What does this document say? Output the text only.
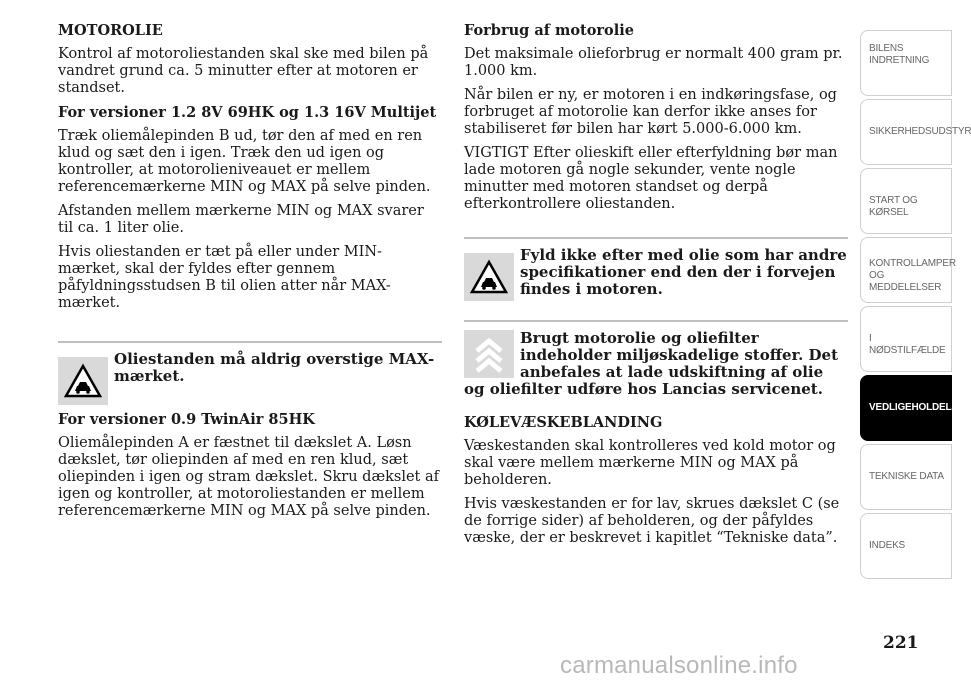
MOTOROLIE

Kontrol af motoroliestanden skal ske med bilen på vandret grund ca. 5 minutter efter at motoren er standset.

For versioner 1.2 8V 69HK og 1.3 16V Multijet

Træk oliemålepinden B ud, tør den af med en ren klud og sæt den i igen. Træk den ud igen og kontroller, at motorolieniveauet er mellem referencemærkerne MIN og MAX på selve pinden.

Afstanden mellem mærkerne MIN og MAX svarer til ca. 1 liter olie.

Hvis oliestanden er tæt på eller under MIN-mærket, skal der fyldes efter gennem påfyldningsstudsen B til olien atter når MAX-mærket.

Oliestanden må aldrig overstige MAX-mærket.
For versioner 0.9 TwinAir 85HK

Oliemålepinden A er fæstnet til dækslet A. Løsn dækslet, tør oliepinden af med en ren klud, sæt oliepinden i igen og stram dækslet. Skru dækslet af igen og kontroller, at motoroliestanden er mellem referencemærkerne MIN og MAX på selve pinden.

Forbrug af motorolie

Det maksimale olieforbrug er normalt 400 gram pr. 1.000 km.

Når bilen er ny, er motoren i en indkøringsfase, og forbruget af motorolie kan derfor ikke anses for stabiliseret før bilen har kørt 5.000-6.000 km.

VIGTIGT Efter olieskift eller efterfyldning bør man lade motoren gå nogle sekunder, vente nogle minutter med motoren standset og derpå efterkontrollere oliestanden.

Fyld ikke efter med olie som har andre specifikationer end den der i forvejen findes i motoren.
Brugt motorolie og oliefilter indeholder miljøskadelige stoffer. Det anbefales at lade udskiftning af olie og oliefilter udføre hos Lancias servicenet.
KØLEVÆSKEBLANDING

Væskestanden skal kontrolleres ved kold motor og skal være mellem mærkerne MIN og MAX på beholderen.

Hvis væskestanden er for lav, skrues dækslet C (se de forrige sider) af beholderen, og der påfyldes væske, der er beskrevet i kapitlet “Tekniske data”.

BILENS INDRETNING
SIKKERHEDSUDSTYR
START OG KØRSEL
KONTROLLAMPER OG MEDDELELSER
I NØDSTILFÆLDE
VEDLIGEHOLDELSE
TEKNISKE DATA
INDEKS
221
carmanualsonline.info
